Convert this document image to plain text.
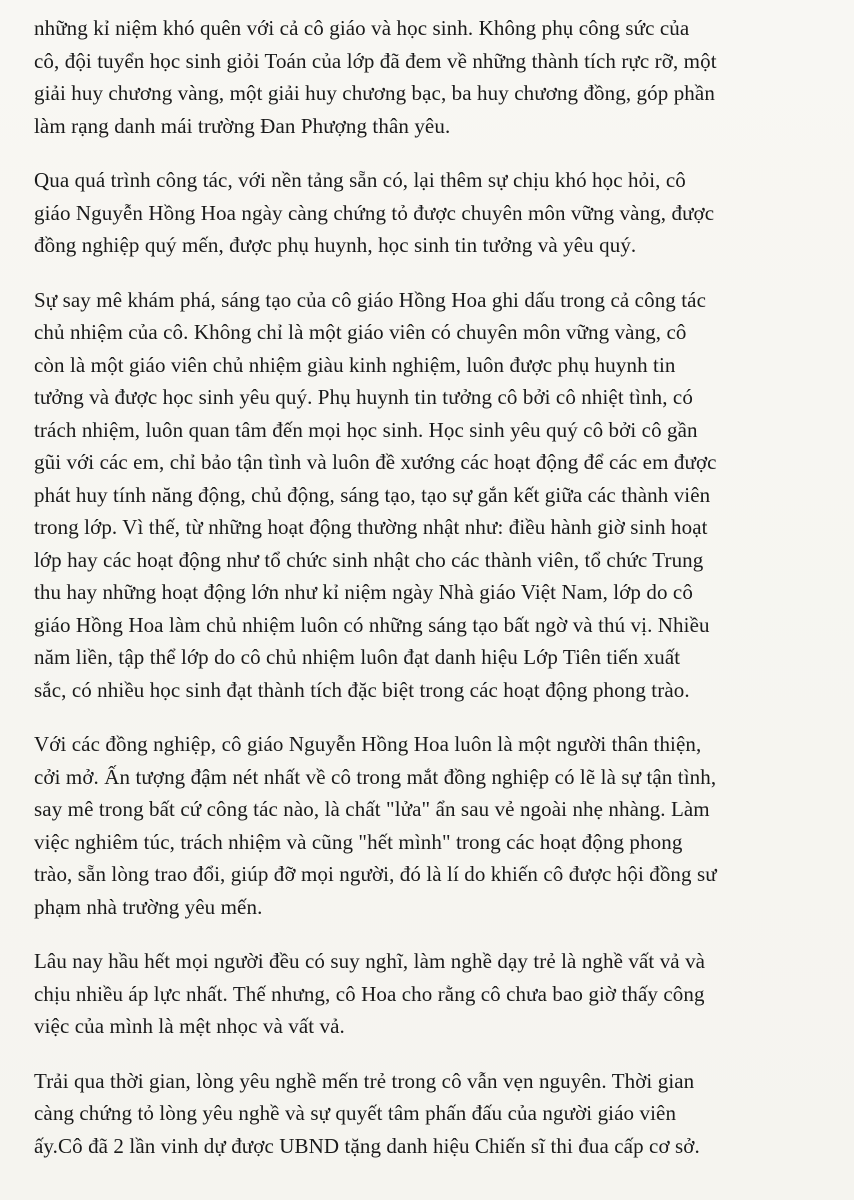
những kỉ niệm khó quên với cả cô giáo và học sinh. Không phụ công sức của
cô, đội tuyển học sinh giỏi Toán của lớp đã đem về những thành tích rực rỡ, một
giải huy chương vàng, một giải huy chương bạc, ba huy chương đồng, góp phần
làm rạng danh mái trường Đan Phượng thân yêu.
Qua quá trình công tác, với nền tảng sẵn có, lại thêm sự chịu khó học hỏi, cô
giáo Nguyễn Hồng Hoa ngày càng chứng tỏ được chuyên môn vững vàng, được
đồng nghiệp quý mến, được phụ huynh, học sinh tin tưởng và yêu quý.
Sự say mê khám phá, sáng tạo của cô giáo Hồng Hoa ghi dấu trong cả công tác
chủ nhiệm của cô. Không chỉ là một giáo viên có chuyên môn vững vàng, cô
còn là một giáo viên chủ nhiệm giàu kinh nghiệm, luôn được phụ huynh tin
tưởng và được học sinh yêu quý. Phụ huynh tin tưởng cô bởi cô nhiệt tình, có
trách nhiệm, luôn quan tâm đến mọi học sinh. Học sinh yêu quý cô bởi cô gần
gũi với các em, chỉ bảo tận tình và luôn đề xướng các hoạt động để các em được
phát huy tính năng động, chủ động, sáng tạo, tạo sự gắn kết giữa các thành viên
trong lớp. Vì thế, từ những hoạt động thường nhật như: điều hành giờ sinh hoạt
lớp hay các hoạt động như tổ chức sinh nhật cho các thành viên, tổ chức Trung
thu hay những hoạt động lớn như kỉ niệm ngày Nhà giáo Việt Nam, lớp do cô
giáo Hồng Hoa làm chủ nhiệm luôn có những sáng tạo bất ngờ và thú vị. Nhiều
năm liền, tập thể lớp do cô chủ nhiệm luôn đạt danh hiệu Lớp Tiên tiến xuất
sắc, có nhiều học sinh đạt thành tích đặc biệt trong các hoạt động phong trào.
Với các đồng nghiệp, cô giáo Nguyễn Hồng Hoa luôn là một người thân thiện,
cởi mở. Ấn tượng đậm nét nhất về cô trong mắt đồng nghiệp có lẽ là sự tận tình,
say mê trong bất cứ công tác nào, là chất "lửa" ẩn sau vẻ ngoài nhẹ nhàng. Làm
việc nghiêm túc, trách nhiệm và cũng "hết mình" trong các hoạt động phong
trào, sẵn lòng trao đổi, giúp đỡ mọi người, đó là lí do khiến cô được hội đồng sư
phạm nhà trường yêu mến.
Lâu nay hầu hết mọi người đều có suy nghĩ, làm nghề dạy trẻ là nghề vất vả và
chịu nhiều áp lực nhất. Thế nhưng, cô Hoa cho rằng cô chưa bao giờ thấy công
việc của mình là mệt nhọc và vất vả.
Trải qua thời gian, lòng yêu nghề mến trẻ trong cô vẫn vẹn nguyên. Thời gian
càng chứng tỏ lòng yêu nghề và sự quyết tâm phấn đấu của người giáo viên
ấy.Cô đã 2 lần vinh dự được UBND tặng danh hiệu Chiến sĩ thi đua cấp cơ sở.
